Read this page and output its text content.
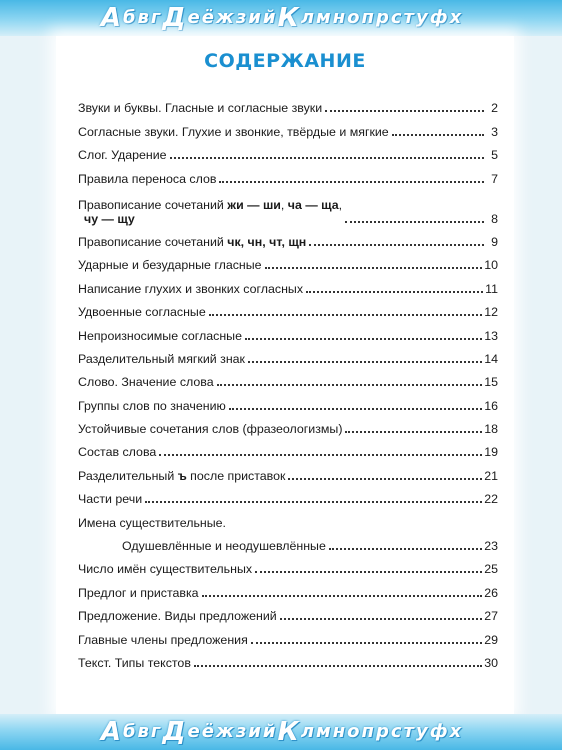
А б в г Д е ё ж з и й К л м н о п р с т у ф х
СОДЕРЖАНИЕ
Звуки и буквы. Гласные и согласные звуки	2
Согласные звуки. Глухие и звонкие, твёрдые и мягкие	3
Слог. Ударение	5
Правила переноса слов	7
Правописание сочетаний жи — ши, ча — ща,
чу — щу	8
Правописание сочетаний чк, чн, чт, щн	9
Ударные и безударные гласные	10
Написание глухих и звонких согласных	11
Удвоенные согласные	12
Непроизносимые согласные	13
Разделительный мягкий знак	14
Слово. Значение слова	15
Группы слов по значению	16
Устойчивые сочетания слов (фразеологизмы)	18
Состав слова	19
Разделительный ъ после приставок	21
Части речи	22
Имена существительные.
Одушевлённые и неодушевлённые	23
Число имён существительных	25
Предлог и приставка	26
Предложение. Виды предложений	27
Главные члены предложения	29
Текст. Типы текстов	30
А б в г Д е ё ж з и й К л м н о п р с т у ф х
